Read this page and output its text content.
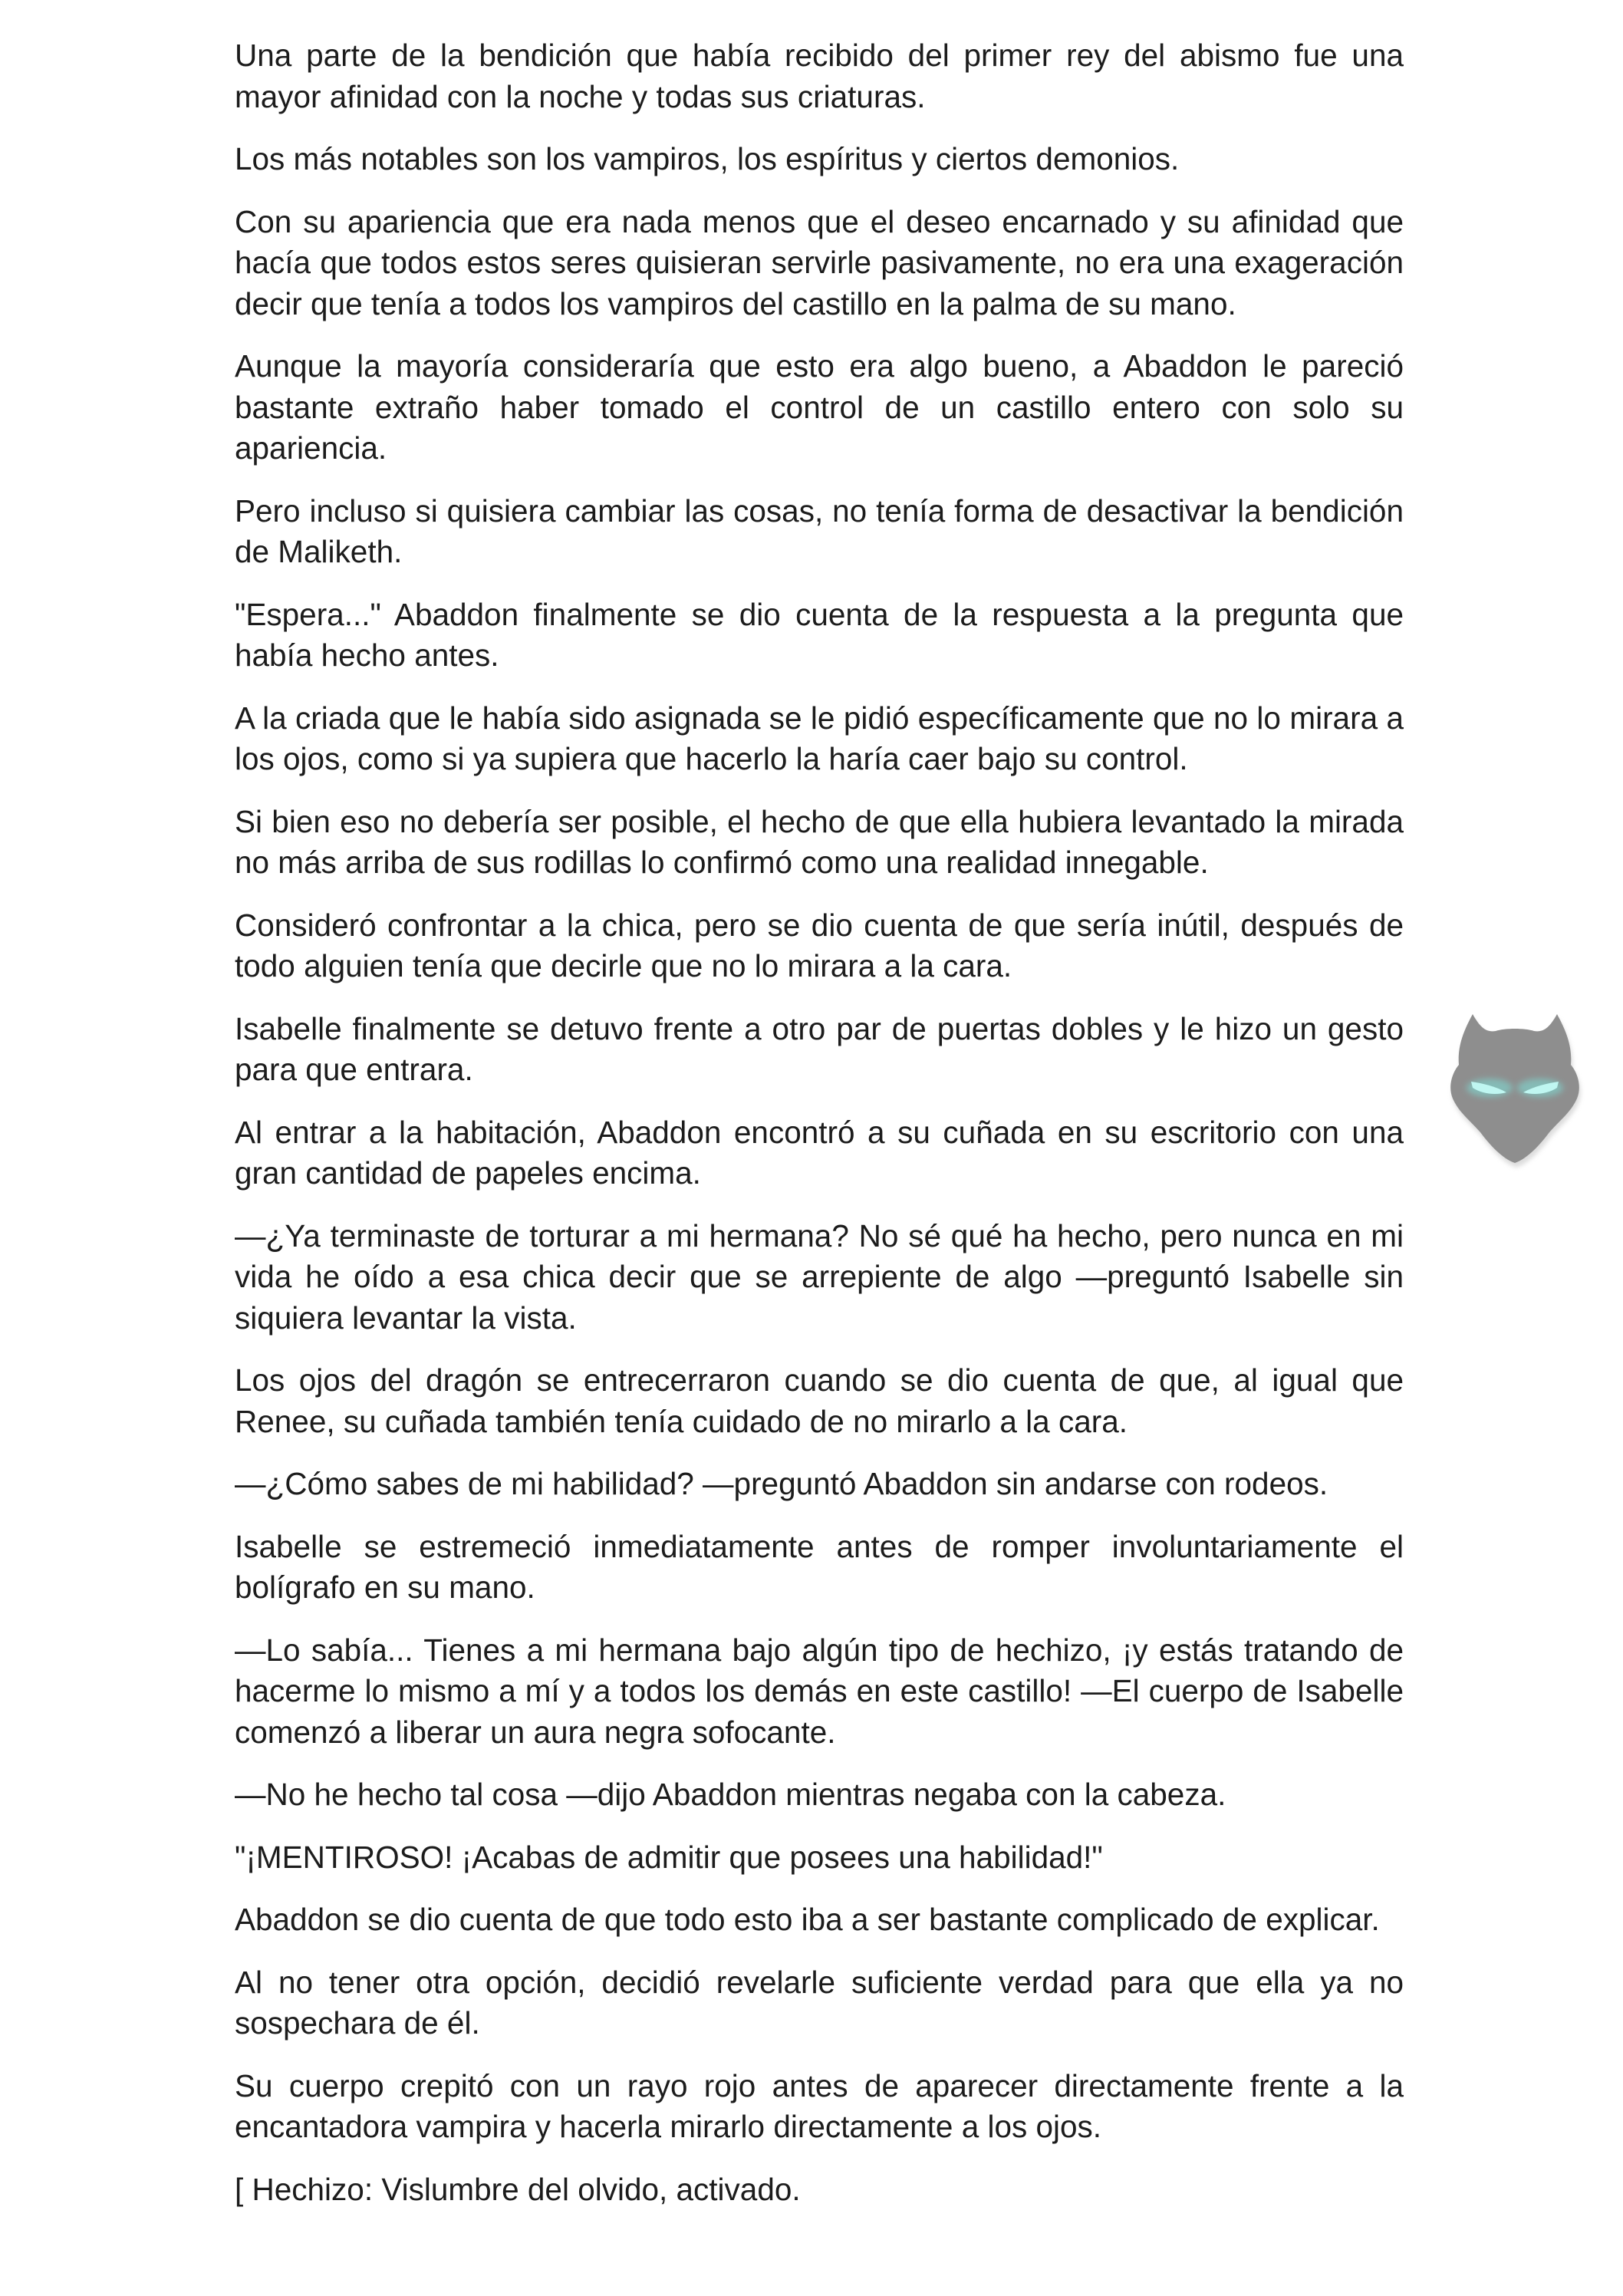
Una parte de la bendición que había recibido del primer rey del abismo fue una mayor afinidad con la noche y todas sus criaturas.

Los más notables son los vampiros, los espíritus y ciertos demonios.

Con su apariencia que era nada menos que el deseo encarnado y su afinidad que hacía que todos estos seres quisieran servirle pasivamente, no era una exageración decir que tenía a todos los vampiros del castillo en la palma de su mano.

Aunque la mayoría consideraría que esto era algo bueno, a Abaddon le pareció bastante extraño haber tomado el control de un castillo entero con solo su apariencia.

Pero incluso si quisiera cambiar las cosas, no tenía forma de desactivar la bendición de Maliketh.

"Espera..." Abaddon finalmente se dio cuenta de la respuesta a la pregunta que había hecho antes.

A la criada que le había sido asignada se le pidió específicamente que no lo mirara a los ojos, como si ya supiera que hacerlo la haría caer bajo su control.

Si bien eso no debería ser posible, el hecho de que ella hubiera levantado la mirada no más arriba de sus rodillas lo confirmó como una realidad innegable.

Consideró confrontar a la chica, pero se dio cuenta de que sería inútil, después de todo alguien tenía que decirle que no lo mirara a la cara.

Isabelle finalmente se detuvo frente a otro par de puertas dobles y le hizo un gesto para que entrara.

Al entrar a la habitación, Abaddon encontró a su cuñada en su escritorio con una gran cantidad de papeles encima.

—¿Ya terminaste de torturar a mi hermana? No sé qué ha hecho, pero nunca en mi vida he oído a esa chica decir que se arrepiente de algo —preguntó Isabelle sin siquiera levantar la vista.

Los ojos del dragón se entrecerraron cuando se dio cuenta de que, al igual que Renee, su cuñada también tenía cuidado de no mirarlo a la cara.

—¿Cómo sabes de mi habilidad? —preguntó Abaddon sin andarse con rodeos.

Isabelle se estremeció inmediatamente antes de romper involuntariamente el bolígrafo en su mano.

—Lo sabía... Tienes a mi hermana bajo algún tipo de hechizo, ¡y estás tratando de hacerme lo mismo a mí y a todos los demás en este castillo! —El cuerpo de Isabelle comenzó a liberar un aura negra sofocante.

—No he hecho tal cosa —dijo Abaddon mientras negaba con la cabeza.

"¡MENTIROSO! ¡Acabas de admitir que posees una habilidad!"

Abaddon se dio cuenta de que todo esto iba a ser bastante complicado de explicar.

Al no tener otra opción, decidió revelarle suficiente verdad para que ella ya no sospechara de él.

Su cuerpo crepitó con un rayo rojo antes de aparecer directamente frente a la encantadora vampira y hacerla mirarlo directamente a los ojos.

[ Hechizo: Vislumbre del olvido, activado.
